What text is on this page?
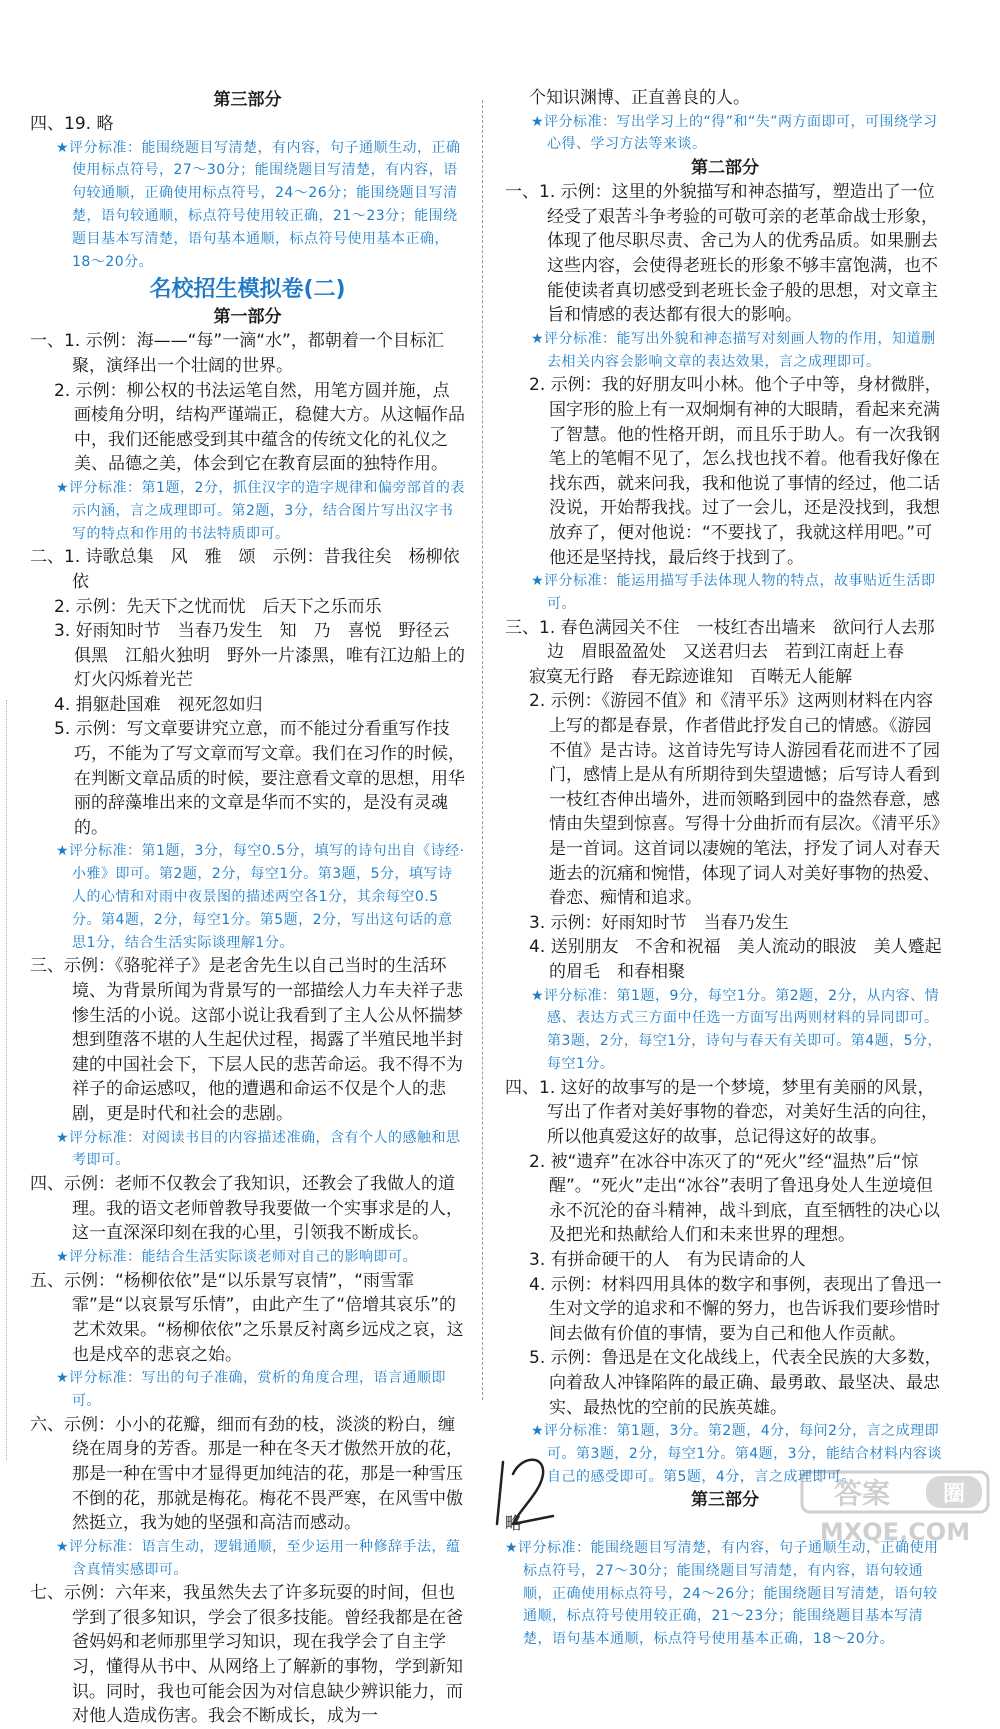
第三部分

四、19. 略

★评分标准：能围绕题目写清楚，有内容，句子通顺生动，正确使用标点符号，27～30分；能围绕题目写清楚，有内容，语句较通顺，正确使用标点符号，24～26分；能围绕题目写清楚，语句较通顺，标点符号使用较正确，21～23分；能围绕题目基本写清楚，语句基本通顺，标点符号使用基本正确，18～20分。

名校招生模拟卷(二)

第一部分

一、1. 示例：海——“每”一滴“水”，都朝着一个目标汇聚，演绎出一个壮阔的世界。

2. 示例：柳公权的书法运笔自然，用笔方圆并施，点画棱角分明，结构严谨端正，稳健大方。从这幅作品中，我们还能感受到其中蕴含的传统文化的礼仪之美、品德之美，体会到它在教育层面的独特作用。

★评分标准：第1题，2分，抓住汉字的造字规律和偏旁部首的表示内涵，言之成理即可。第2题，3分，结合图片写出汉字书写的特点和作用的书法特质即可。

二、1. 诗歌总集　风　雅　颂　示例：昔我往矣　杨柳依依

2. 示例：先天下之忧而忧　后天下之乐而乐

3. 好雨知时节　当春乃发生　知　乃　喜悦　野径云俱黑　江船火独明　野外一片漆黑，唯有江边船上的灯火闪烁着光芒

4. 捐躯赴国难　视死忽如归

5. 示例：写文章要讲究立意，而不能过分看重写作技巧，不能为了写文章而写文章。我们在习作的时候，在判断文章品质的时候，要注意看文章的思想，用华丽的辞藻堆出来的文章是华而不实的，是没有灵魂的。

★评分标准：第1题，3分，每空0.5分，填写的诗句出自《诗经·小雅》即可。第2题，2分，每空1分。第3题，5分，填写诗人的心情和对雨中夜景图的描述两空各1分，其余每空0.5分。第4题，2分，每空1分。第5题，2分，写出这句话的意思1分，结合生活实际谈理解1分。

三、示例：《骆驼祥子》是老舍先生以自己当时的生活环境、为背景所闻为背景写的一部描绘人力车夫祥子悲惨生活的小说。这部小说让我看到了主人公从怀揣梦想到堕落不堪的人生起伏过程，揭露了半殖民地半封建的中国社会下，下层人民的悲苦命运。我不得不为祥子的命运感叹，他的遭遇和命运不仅是个人的悲剧，更是时代和社会的悲剧。

★评分标准：对阅读书目的内容描述准确，含有个人的感触和思考即可。

四、示例：老师不仅教会了我知识，还教会了我做人的道理。我的语文老师曾教导我要做一个实事求是的人，这一直深深印刻在我的心里，引领我不断成长。

★评分标准：能结合生活实际谈老师对自己的影响即可。

五、示例：“杨柳依依”是“以乐景写哀情”，“雨雪霏霏”是“以哀景写乐情”，由此产生了“倍增其哀乐”的艺术效果。“杨柳依依”之乐景反衬离乡远戍之哀，这也是戍卒的悲哀之始。

★评分标准：写出的句子准确，赏析的角度合理，语言通顺即可。

六、示例：小小的花瓣，细而有劲的枝，淡淡的粉白，缠绕在周身的芳香。那是一种在冬天才傲然开放的花，那是一种在雪中才显得更加纯洁的花，那是一种雪压不倒的花，那就是梅花。梅花不畏严寒，在风雪中傲然挺立，我为她的坚强和高洁而感动。

★评分标准：语言生动，逻辑通顺，至少运用一种修辞手法，蕴含真情实感即可。

七、示例：六年来，我虽然失去了许多玩耍的时间，但也学到了很多知识，学会了很多技能。曾经我都是在爸爸妈妈和老师那里学习知识，现在我学会了自主学习，懂得从书中、从网络上了解新的事物，学到新知识。同时，我也可能会因为对信息缺少辨识能力，而对他人造成伤害。我会不断成长，成为一

个知识渊博、正直善良的人。

★评分标准：写出学习上的“得”和“失”两方面即可，可围绕学习心得、学习方法等来谈。

第二部分

一、1. 示例：这里的外貌描写和神态描写，塑造出了一位经受了艰苦斗争考验的可敬可亲的老革命战士形象，体现了他尽职尽责、舍己为人的优秀品质。如果删去这些内容，会使得老班长的形象不够丰富饱满，也不能使读者真切感受到老班长金子般的思想，对文章主旨和情感的表达都有很大的影响。

★评分标准：能写出外貌和神态描写对刻画人物的作用，知道删去相关内容会影响文章的表达效果，言之成理即可。

2. 示例：我的好朋友叫小林。他个子中等，身材微胖，国字形的脸上有一双炯炯有神的大眼睛，看起来充满了智慧。他的性格开朗，而且乐于助人。有一次我钢笔上的笔帽不见了，怎么找也找不着。他看我好像在找东西，就来问我，我和他说了事情的经过，他二话没说，开始帮我找。过了一会儿，还是没找到，我想放弃了，便对他说：“不要找了，我就这样用吧。”可他还是坚持找，最后终于找到了。

★评分标准：能运用描写手法体现人物的特点，故事贴近生活即可。

三、1. 春色满园关不住　一枝红杏出墙来　欲问行人去那边　眉眼盈盈处　又送君归去　若到江南赶上春

寂寞无行路　春无踪迹谁知　百啭无人能解

2. 示例：《游园不值》和《清平乐》这两则材料在内容上写的都是春景，作者借此抒发自己的情感。《游园不值》是古诗。这首诗先写诗人游园看花而进不了园门，感情上是从有所期待到失望遗憾；后写诗人看到一枝红杏伸出墙外，进而领略到园中的盎然春意，感情由失望到惊喜。写得十分曲折而有层次。《清平乐》是一首词。这首词以凄婉的笔法，抒发了词人对春天逝去的沉痛和惋惜，体现了词人对美好事物的热爱、眷恋、痴情和追求。

3. 示例：好雨知时节　当春乃发生

4. 送别朋友　不舍和祝福　美人流动的眼波　美人蹙起的眉毛　和春相聚

★评分标准：第1题，9分，每空1分。第2题，2分，从内容、情感、表达方式三方面中任选一方面写出两则材料的异同即可。第3题，2分，每空1分，诗句与春天有关即可。第4题，5分，每空1分。

四、1. 这好的故事写的是一个梦境，梦里有美丽的风景，写出了作者对美好事物的眷恋，对美好生活的向往，所以他真爱这好的故事，总记得这好的故事。

2. 被“遗弃”在冰谷中冻灭了的“死火”经“温热”后“惊醒”。“死火”走出“冰谷”表明了鲁迅身处人生逆境但永不沉沦的奋斗精神，战斗到底，直至牺牲的决心以及把光和热献给人们和未来世界的理想。

3. 有拼命硬干的人　有为民请命的人

4. 示例：材料四用具体的数字和事例，表现出了鲁迅一生对文学的追求和不懈的努力，也告诉我们要珍惜时间去做有价值的事情，要为自己和他人作贡献。

5. 示例：鲁迅是在文化战线上，代表全民族的大多数，向着敌人冲锋陷阵的最正确、最勇敢、最坚决、最忠实、最热忱的空前的民族英雄。

★评分标准：第1题，3分。第2题，4分，每问2分，言之成理即可。第3题，2分，每空1分。第4题，3分，能结合材料内容谈自己的感受即可。第5题，4分，言之成理即可。

第三部分

略

★评分标准：能围绕题目写清楚，有内容，句子通顺生动，正确使用标点符号，27～30分；能围绕题目写清楚，有内容，语句较通顺，正确使用标点符号，24～26分；能围绕题目写清楚，语句较通顺，标点符号使用较正确，21～23分；能围绕题目基本写清楚，语句基本通顺，标点符号使用基本正确，18～20分。

答案 圈
MXQE.COM
